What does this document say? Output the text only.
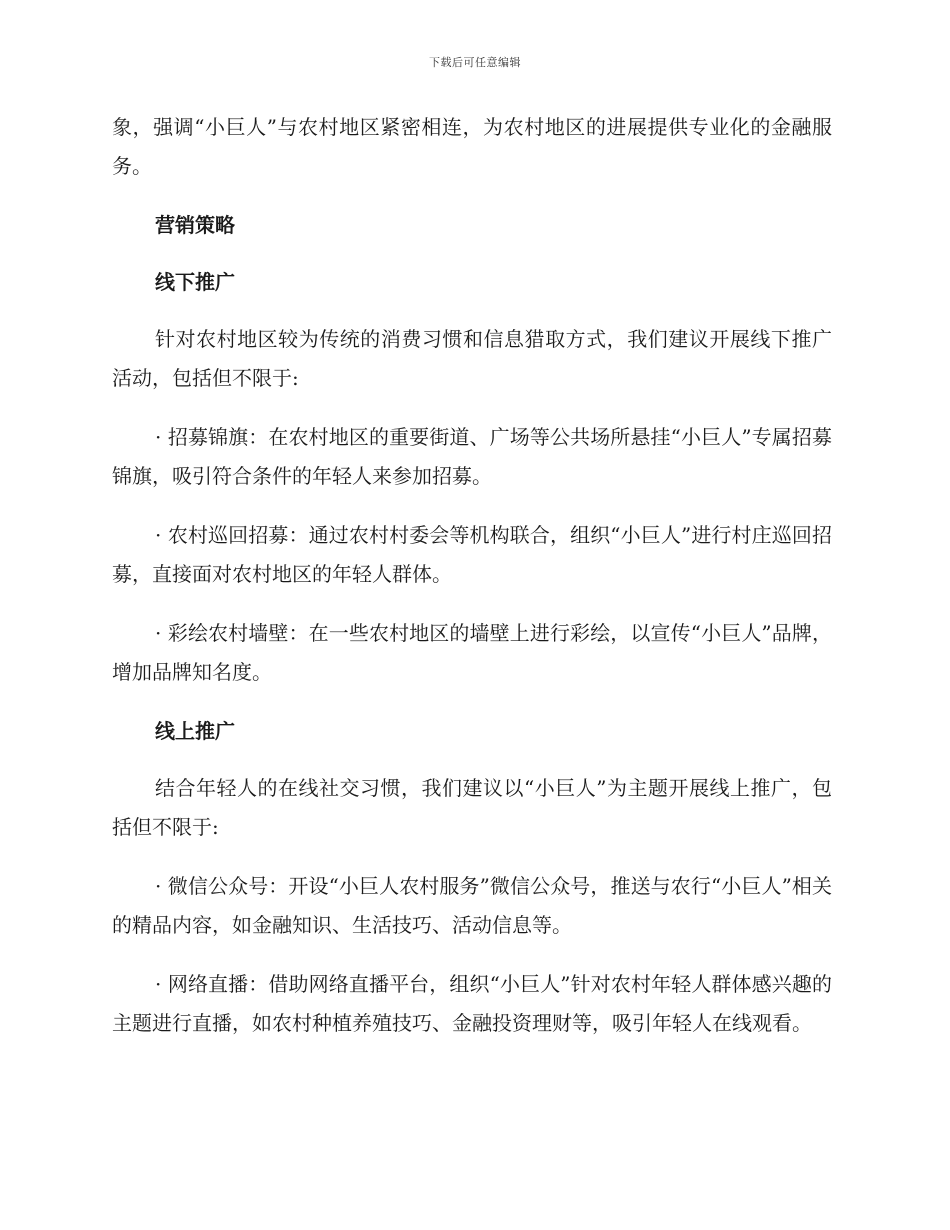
下载后可任意编辑

象，强调“小巨人”与农村地区紧密相连，为农村地区的进展提供专业化的金融服务。

营销策略
线下推广

针对农村地区较为传统的消费习惯和信息猎取方式，我们建议开展线下推广活动，包括但不限于:

· 招募锦旗：在农村地区的重要街道、广场等公共场所悬挂“小巨人”专属招募锦旗，吸引符合条件的年轻人来参加招募。

· 农村巡回招募：通过农村村委会等机构联合，组织“小巨人”进行村庄巡回招募，直接面对农村地区的年轻人群体。

· 彩绘农村墙壁：在一些农村地区的墙壁上进行彩绘，以宣传“小巨人”品牌，增加品牌知名度。

线上推广

结合年轻人的在线社交习惯，我们建议以“小巨人”为主题开展线上推广，包括但不限于:

· 微信公众号：开设“小巨人农村服务”微信公众号，推送与农行“小巨人”相关的精品内容，如金融知识、生活技巧、活动信息等。

· 网络直播：借助网络直播平台，组织“小巨人”针对农村年轻人群体感兴趣的主题进行直播，如农村种植养殖技巧、金融投资理财等，吸引年轻人在线观看。
